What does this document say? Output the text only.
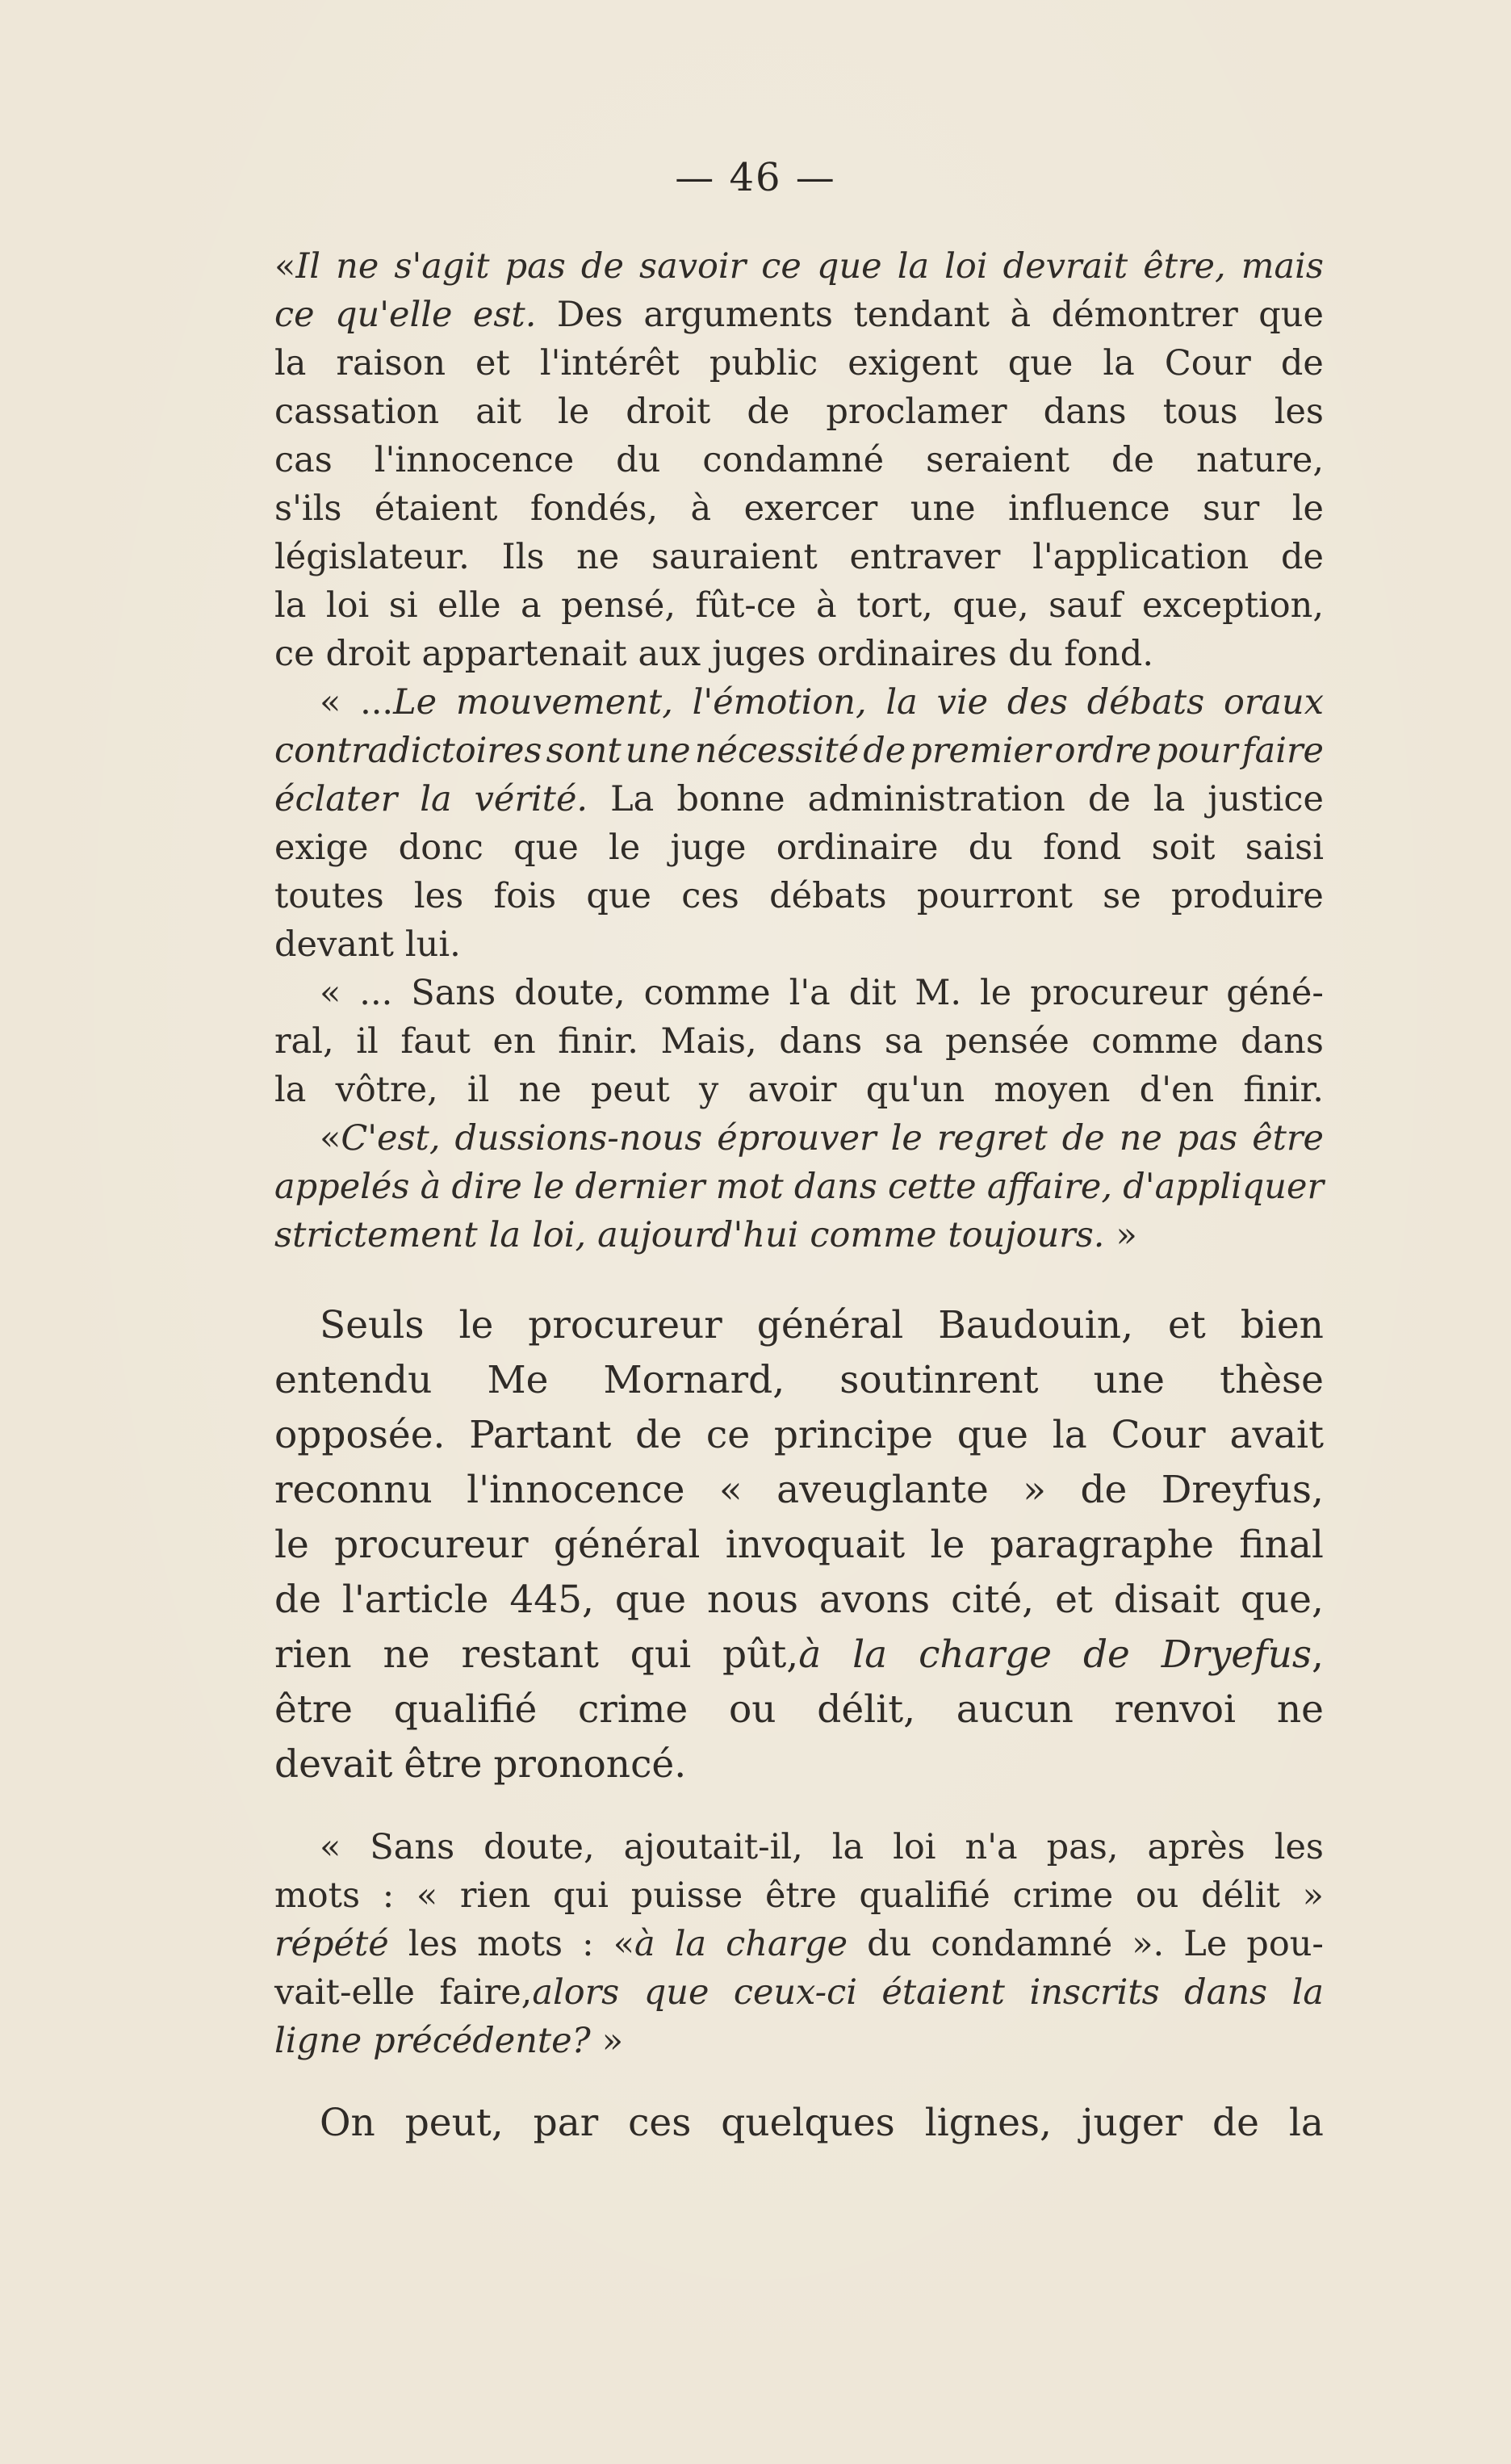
— 46 —
«Il ne s'agit pas de savoir ce que la loi devrait être, mais
ce qu'elle est. Des arguments tendant à démontrer que
la raison et l'intérêt public exigent que la Cour de
cassation ait le droit de proclamer dans tous les
cas l'innocence du condamné seraient de nature,
s'ils étaient fondés, à exercer une influence sur le
législateur. Ils ne sauraient entraver l'application de
la loi si elle a pensé, fût-ce à tort, que, sauf exception,
ce droit appartenait aux juges ordinaires du fond.
« ...Le mouvement, l'émotion, la vie des débats oraux
contradictoires sont une nécessité de premier ordre pour faire
éclater la vérité. La bonne administration de la justice
exige donc que le juge ordinaire du fond soit saisi
toutes les fois que ces débats pourront se produire
devant lui.
« ... Sans doute, comme l'a dit M. le procureur géné-
ral, il faut en finir. Mais, dans sa pensée comme dans
la vôtre, il ne peut y avoir qu'un moyen d'en finir.
«C'est, dussions-nous éprouver le regret de ne pas être
appelés à dire le dernier mot dans cette affaire, d'appliquer
strictement la loi, aujourd'hui comme toujours. »
Seuls le procureur général Baudouin, et bien
entendu Me Mornard, soutinrent une thèse
opposée. Partant de ce principe que la Cour avait
reconnu l'innocence « aveuglante » de Dreyfus,
le procureur général invoquait le paragraphe final
de l'article 445, que nous avons cité, et disait que,
rien ne restant qui pût,à la charge de Dryefus,
être qualifié crime ou délit, aucun renvoi ne
devait être prononcé.
« Sans doute, ajoutait-il, la loi n'a pas, après les
mots : « rien qui puisse être qualifié crime ou délit »
répété les mots : «à la charge du condamné ». Le pou-
vait-elle faire,alors que ceux-ci étaient inscrits dans la
ligne précédente? »
On peut, par ces quelques lignes, juger de la
